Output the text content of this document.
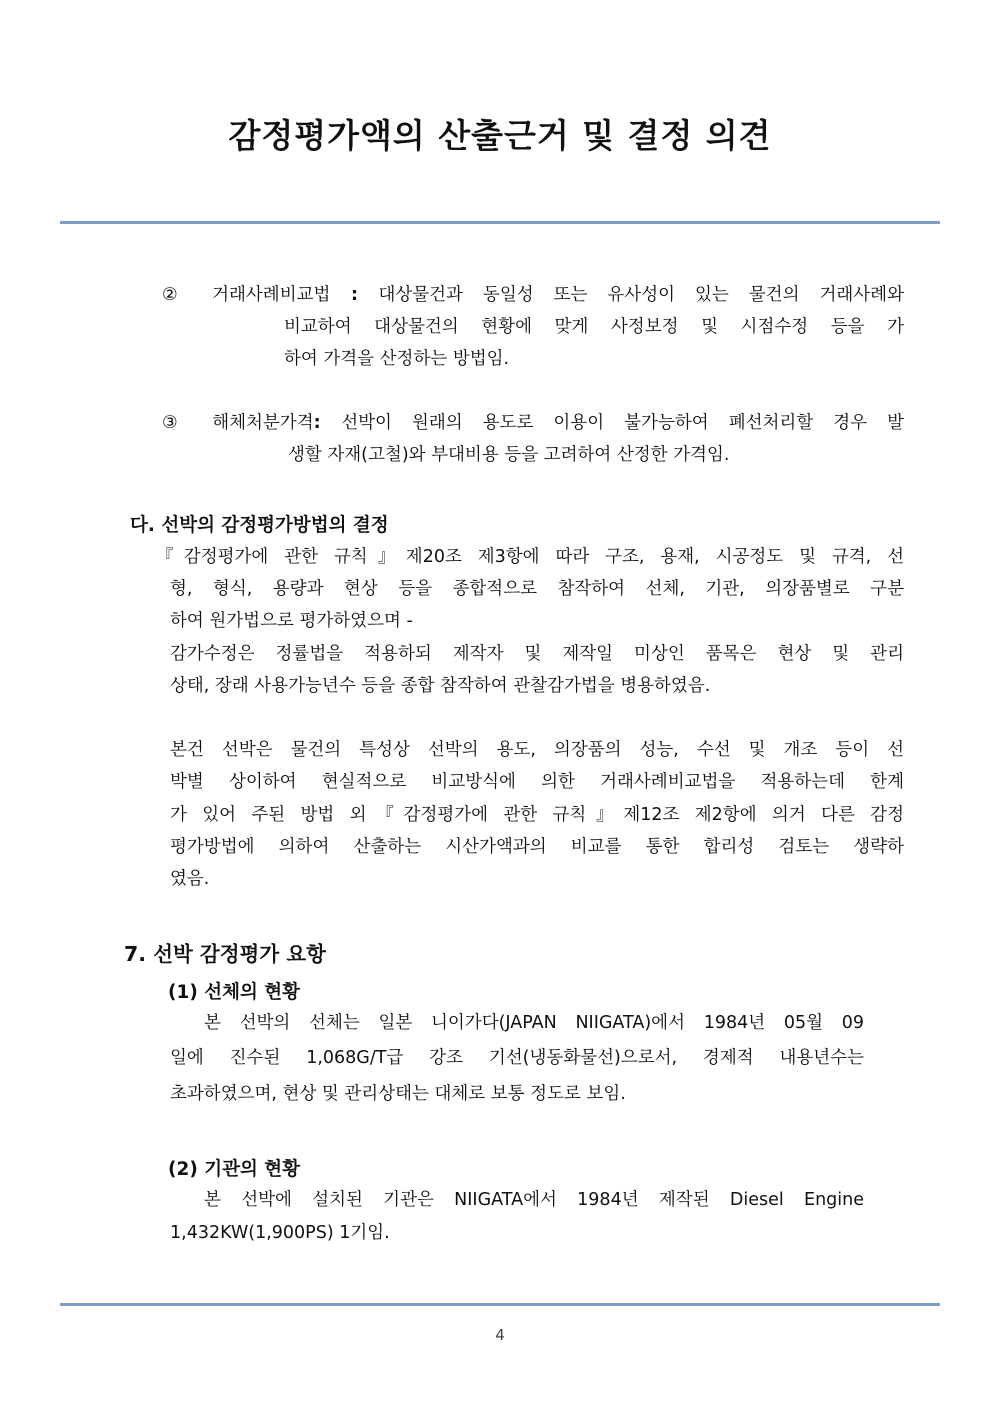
감정평가액의 산출근거 및 결정 의견
② 거래사례비교법 : 대상물건과 동일성 또는 유사성이 있는 물건의 거래사례와

비교하여 대상물건의 현황에 맞게 사정보정 및 시점수정 등을 가

하여 가격을 산정하는 방법임.

③ 해체처분가격: 선박이 원래의 용도로 이용이 불가능하여 폐선처리할 경우 발

생할 자재(고철)와 부대비용 등을 고려하여 산정한 가격임.

다. 선박의 감정평가방법의 결정

『감정평가에 관한 규칙』제20조 제3항에 따라 구조, 용재, 시공정도 및 규격, 선

형, 형식, 용량과 현상 등을 종합적으로 참작하여 선체, 기관, 의장품별로 구분

하여 원가법으로 평가하였으며 -

감가수정은 정률법을 적용하되 제작자 및 제작일 미상인 품목은 현상 및 관리

상태, 장래 사용가능년수 등을 종합 참작하여 관찰감가법을 병용하였음.

본건 선박은 물건의 특성상 선박의 용도, 의장품의 성능, 수선 및 개조 등이 선

박별 상이하여 현실적으로 비교방식에 의한 거래사례비교법을 적용하는데 한계

가 있어 주된 방법 외『감정평가에 관한 규칙』제12조 제2항에 의거 다른 감정

평가방법에 의하여 산출하는 시산가액과의 비교를 통한 합리성 검토는 생략하

였음.

7. 선박 감정평가 요항

(1) 선체의 현황

본 선박의 선체는 일본 니이가다(JAPAN NIIGATA)에서 1984년 05월 09

일에 진수된 1,068G/T급 강조 기선(냉동화물선)으로서, 경제적 내용년수는

초과하였으며, 현상 및 관리상태는 대체로 보통 정도로 보임.

(2) 기관의 현황

본 선박에 설치된 기관은 NIIGATA에서 1984년 제작된 Diesel Engine

1,432KW(1,900PS) 1기임.

4
